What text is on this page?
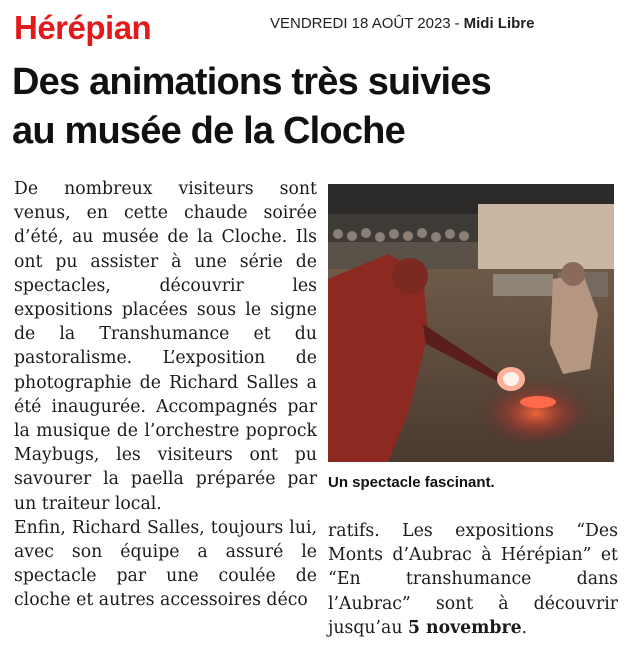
Hérépian	VENDREDI 18 AOÛT 2023 - Midi Libre
Des animations très suivies
au musée de la Cloche

De nombreux visiteurs sont venus, en cette chaude soirée d’été, au musée de la Cloche. Ils ont pu assister à une série de spectacles, découvrir les expositions placées sous le signe de la Transhumance et du pastoralisme. L’exposition de photographie de Richard Salles a été inaugurée. Accompagnés par la musique de l’orchestre poprock Maybugs, les visiteurs ont pu savourer la paella préparée par un traiteur local.

Enfin, Richard Salles, toujours lui, avec son équipe a assuré le spectacle par une coulée de cloche et autres accessoires déco

Un spectacle fascinant.

ratifs. Les expositions “Des Monts d’Aubrac à Hérépian” et “En transhumance dans l’Aubrac” sont à découvrir jusqu’au 5 novembre.
